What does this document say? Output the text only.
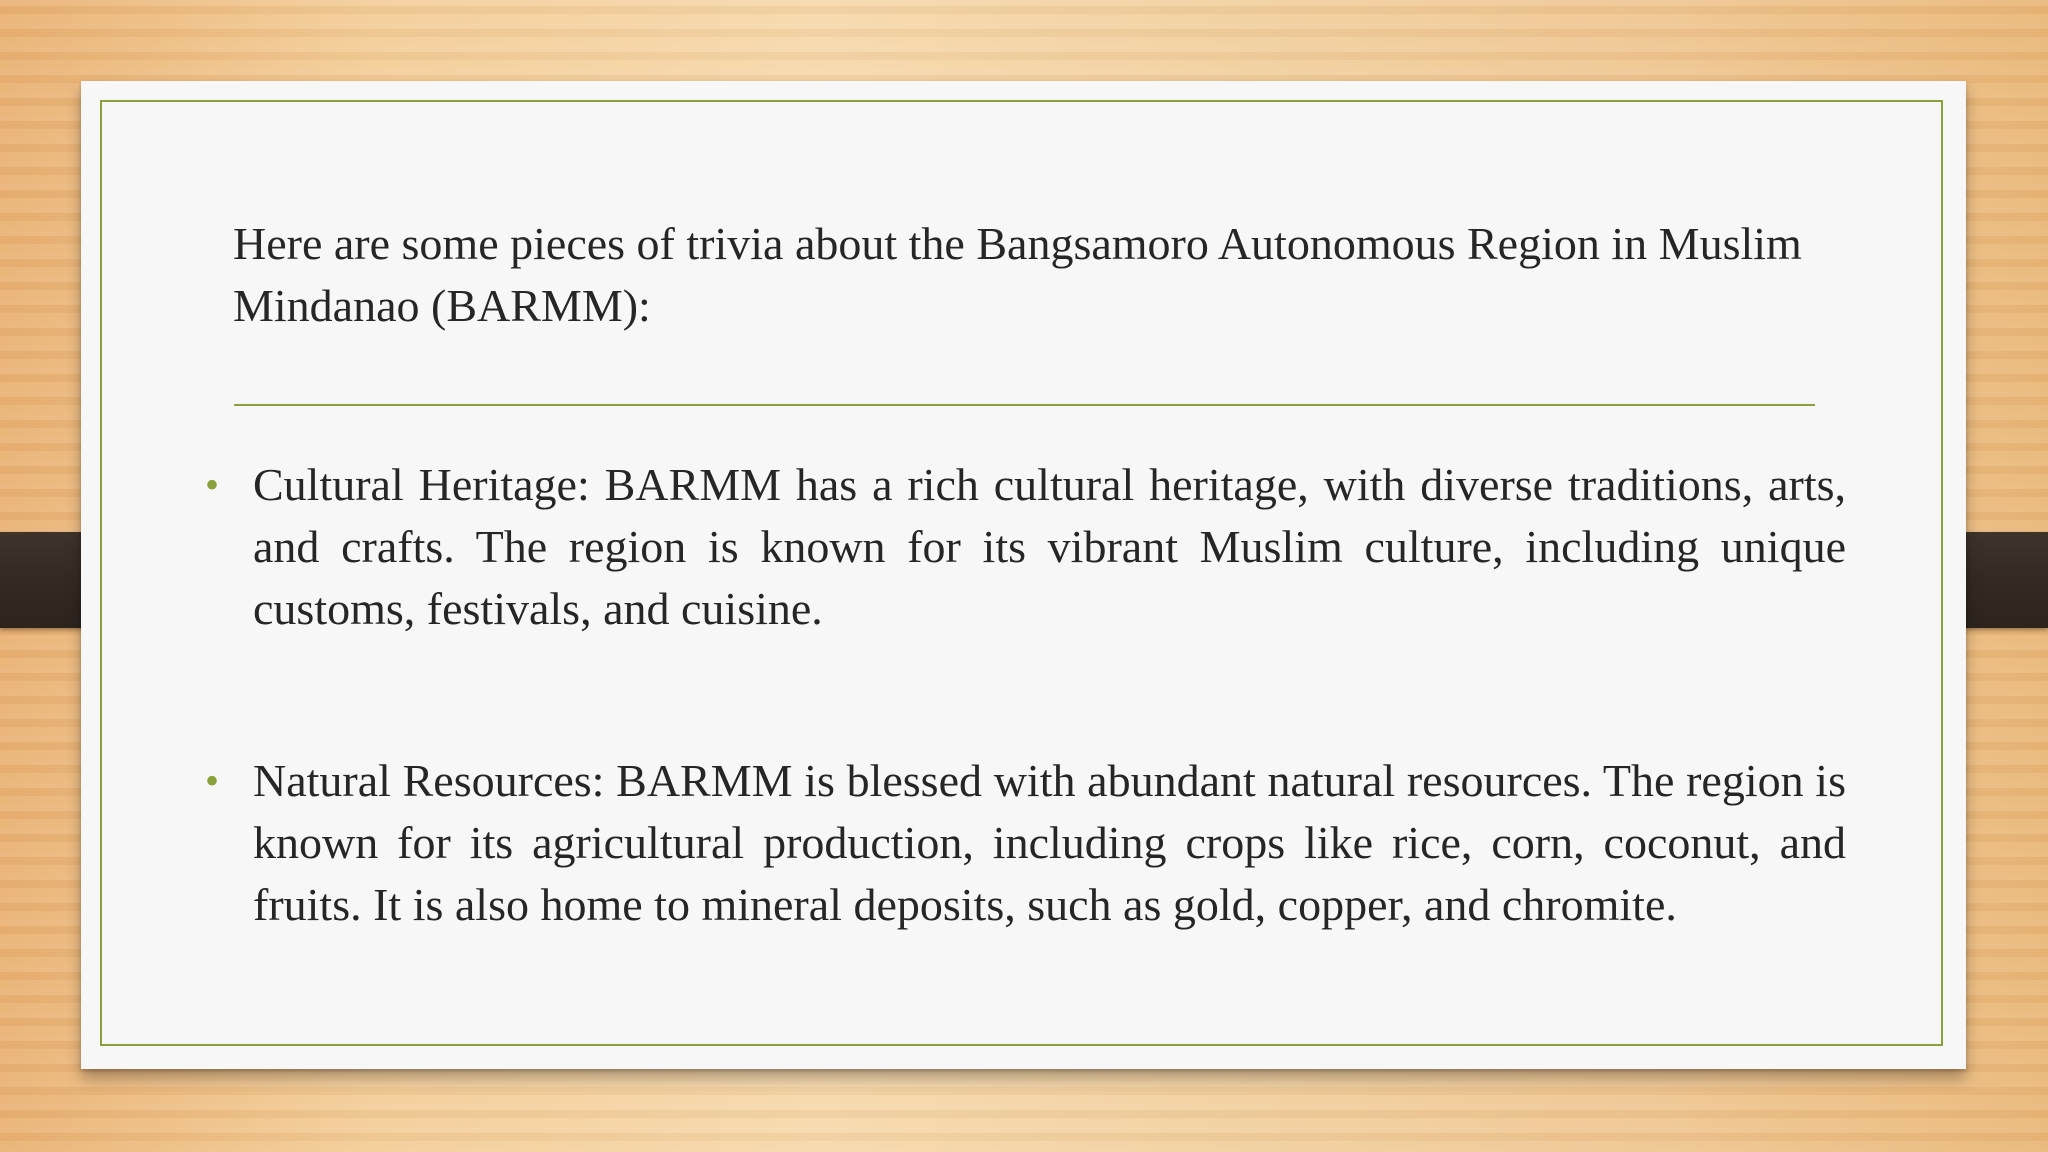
Here are some pieces of trivia about the Bangsamoro Autonomous Region in Muslim Mindanao (BARMM):
• Cultural Heritage: BARMM has a rich cultural heritage, with diverse traditions, arts, and crafts. The region is known for its vibrant Muslim culture, including unique customs, festivals, and cuisine.
• Natural Resources: BARMM is blessed with abundant natural resources. The region is known for its agricultural production, including crops like rice, corn, coconut, and fruits. It is also home to mineral deposits, such as gold, copper, and chromite.
